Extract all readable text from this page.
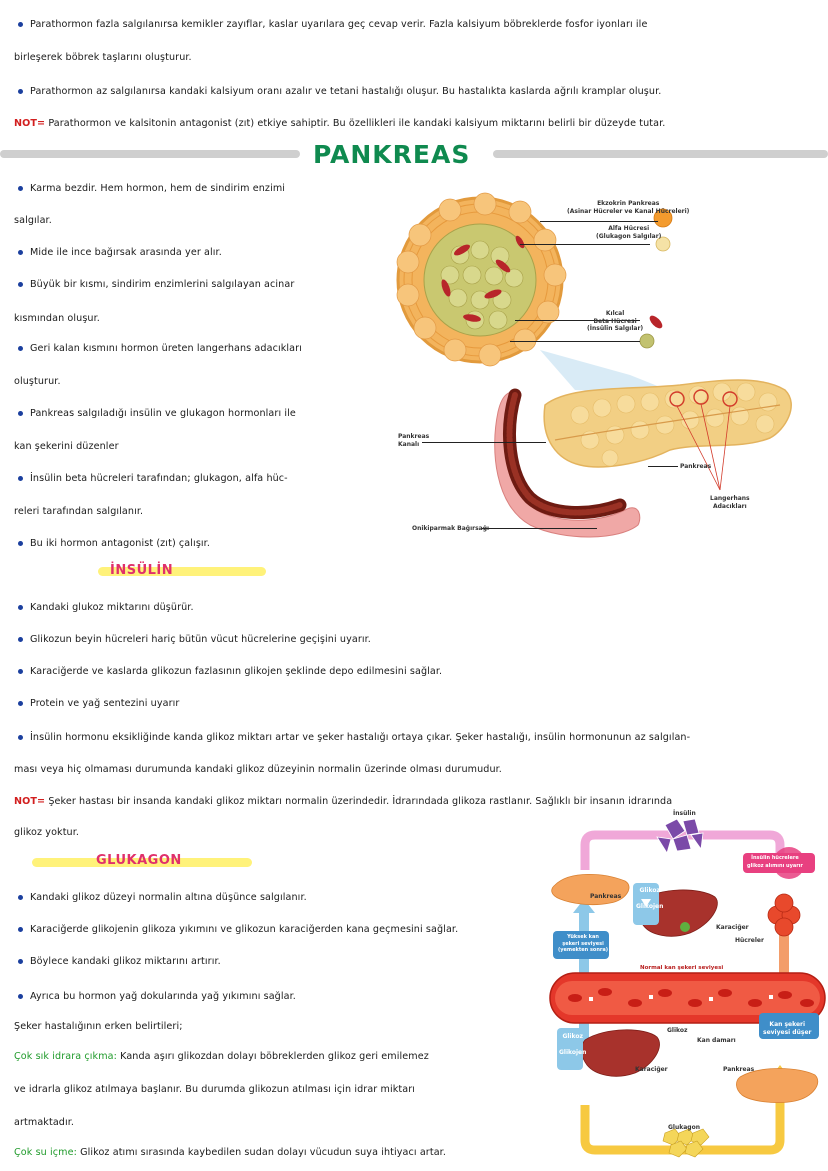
Parathormon fazla salgılanırsa kemikler zayıflar, kaslar uyarılara geç cevap verir. Fazla kalsiyum böbreklerde fosfor iyonları ile
birleşerek böbrek taşlarını oluşturur.
Parathormon az salgılanırsa kandaki kalsiyum oranı azalır ve tetani hastalığı oluşur. Bu hastalıkta kaslarda ağrılı kramplar oluşur.
NOT= Parathormon ve kalsitonin antagonist (zıt) etkiye sahiptir. Bu özellikleri ile kandaki kalsiyum miktarını belirli bir düzeyde tutar.
PANKREAS
Karma bezdir. Hem hormon, hem de sindirim enzimi
salgılar.
Mide ile ince bağırsak arasında yer alır.
Büyük bir kısmı, sindirim enzimlerini salgılayan acinar
kısmından oluşur.
Geri kalan kısmını hormon üreten langerhans adacıkları
oluşturur.
Pankreas salgıladığı insülin ve glukagon hormonları ile
kan şekerini düzenler
İnsülin beta hücreleri tarafından; glukagon, alfa hüc-
releri tarafından salgılanır.
Bu iki hormon antagonist (zıt) çalışır.
Ekzokrin Pankreas
(Asinar Hücreler ve Kanal Hücreleri)
Alfa Hücresi
(Glukagon Salgılar)
Kılcal
Beta Hücresi
(İnsülin Salgılar)
Pankreas
Kanalı
Pankreas
Langerhans
Adacıkları
Onikiparmak Bağırsağı
İNSÜLİN
Kandaki glukoz miktarını düşürür.
Glikozun beyin hücreleri hariç bütün vücut hücrelerine geçişini uyarır.
Karaciğerde ve kaslarda glikozun fazlasının glikojen şeklinde depo edilmesini sağlar.
Protein ve yağ sentezini uyarır
İnsülin hormonu eksikliğinde kanda glikoz miktarı artar ve şeker hastalığı ortaya çıkar. Şeker hastalığı, insülin hormonunun az salgılan-
ması veya hiç olmaması durumunda kandaki glikoz düzeyinin normalin üzerinde olması durumudur.
NOT= Şeker hastası bir insanda kandaki glikoz miktarı normalin üzerindedir. İdrarındada glikoza rastlanır. Sağlıklı bir insanın idrarında
glikoz yoktur.
GLUKAGON
Kandaki glikoz düzeyi normalin altına düşünce salgılanır.
Karaciğerde glikojenin glikoza yıkımını ve glikozun karaciğerden kana geçmesini sağlar.
Böylece kandaki glikoz miktarını artırır.
Ayrıca bu hormon yağ dokularında yağ yıkımını sağlar.
Şeker hastalığının erken belirtileri;
Çok sık idrara çıkma: Kanda aşırı glikozdan dolayı böbreklerden glikoz geri emilemez
ve idrarla glikoz atılmaya başlanır. Bu durumda glikozun atılması için idrar miktarı
artmaktadır.
Çok su içme: Glikoz atımı sırasında kaybedilen sudan dolayı vücudun suya ihtiyacı artar.
İnsülin
İnsülin hücrelere
glikoz alımını uyarır
Pankreas
Glikoz
Glikojen
Karaciğer
Hücreler
Yüksek kan
şekeri seviyesi
(yemekten sonra)
Normal kan şekeri seviyesi
Glikoz
Kan damarı
Kan şekeri
seviyesi düşer
Glikoz
Glikojen
Karaciğer	Pankreas
Glukagon
